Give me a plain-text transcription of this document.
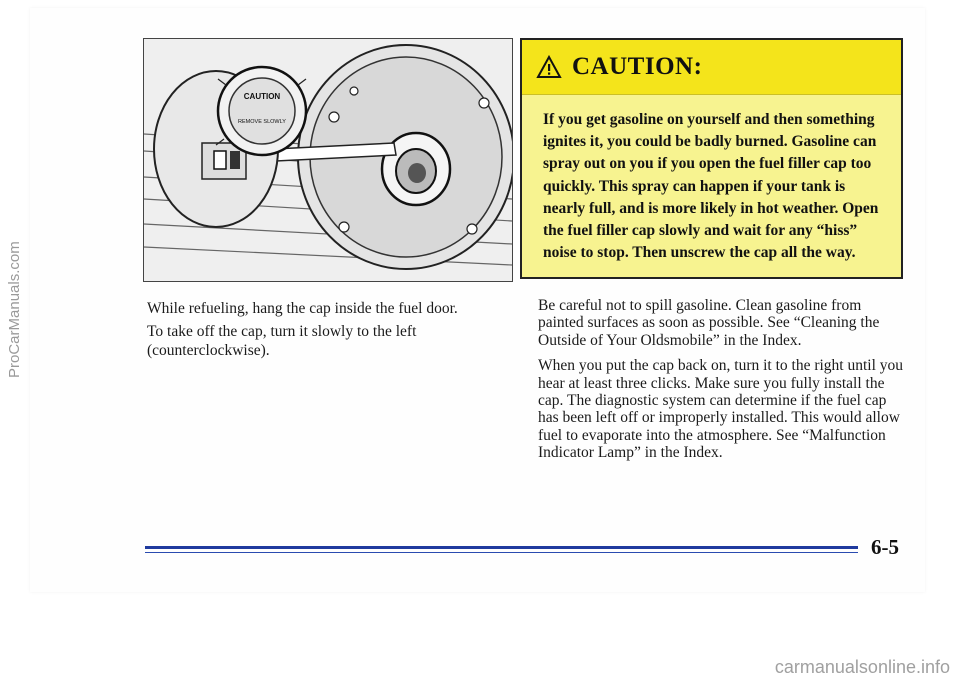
CAUTION
REMOVE SLOWLY

While refueling, hang the cap inside the fuel door.

To take off the cap, turn it slowly to the left (counterclockwise).

CAUTION:
If you get gasoline on yourself and then something ignites it, you could be badly burned. Gasoline can spray out on you if you open the fuel filler cap too quickly. This spray can happen if your tank is nearly full, and is more likely in hot weather. Open the fuel filler cap slowly and wait for any “hiss” noise to stop. Then unscrew the cap all the way.

Be careful not to spill gasoline. Clean gasoline from painted surfaces as soon as possible. See “Cleaning the Outside of Your Oldsmobile” in the Index.

When you put the cap back on, turn it to the right until you hear at least three clicks. Make sure you fully install the cap. The diagnostic system can determine if the fuel cap has been left off or improperly installed. This would allow fuel to evaporate into the atmosphere. See “Malfunction Indicator Lamp” in the Index.

6-5
ProCarManuals.com
carmanualsonline.info
